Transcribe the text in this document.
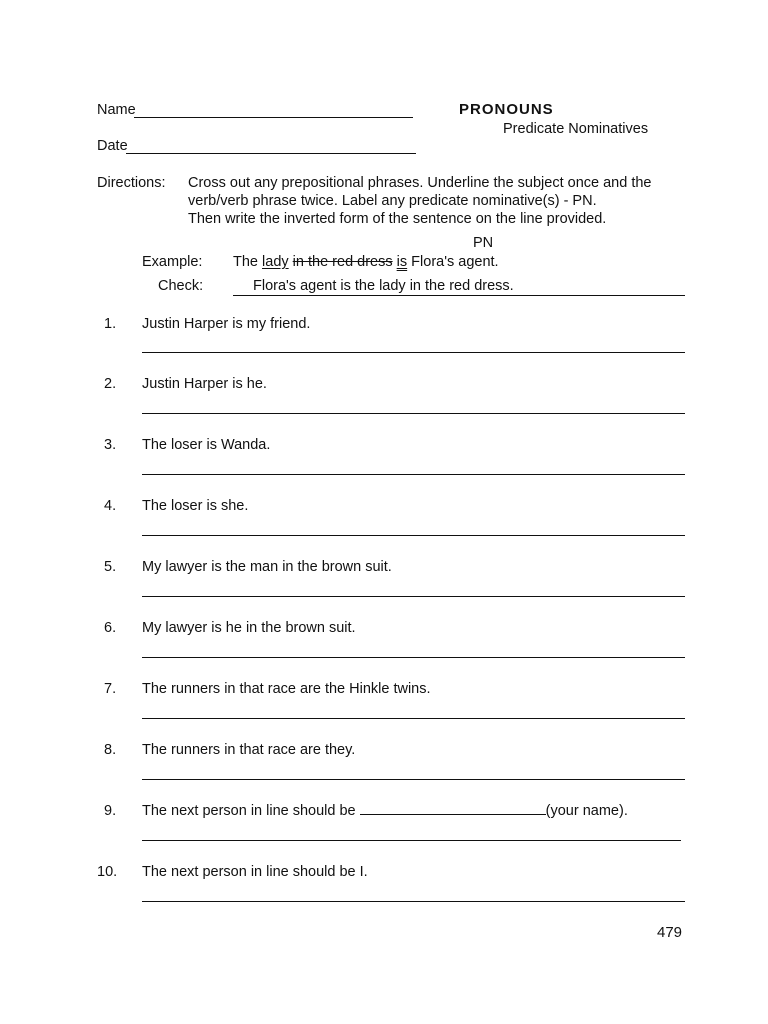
Name	PRONOUNS
Predicate Nominatives
Date
Directions: Cross out any prepositional phrases. Underline the subject once and the
verb/verb phrase twice. Label any predicate nominative(s) - PN.
Then write the inverted form of the sentence on the line provided.
PN
Example: The lady in the red dress is Flora's agent.
Check:	Flora's agent is the lady in the red dress.
1. Justin Harper is my friend.
2. Justin Harper is he.
3. The loser is Wanda.
4. The loser is she.
5. My lawyer is the man in the brown suit.
6. My lawyer is he in the brown suit.
7. The runners in that race are the Hinkle twins.
8. The runners in that race are they.
9. The next person in line should be	(your name).
10. The next person in line should be I.
479
